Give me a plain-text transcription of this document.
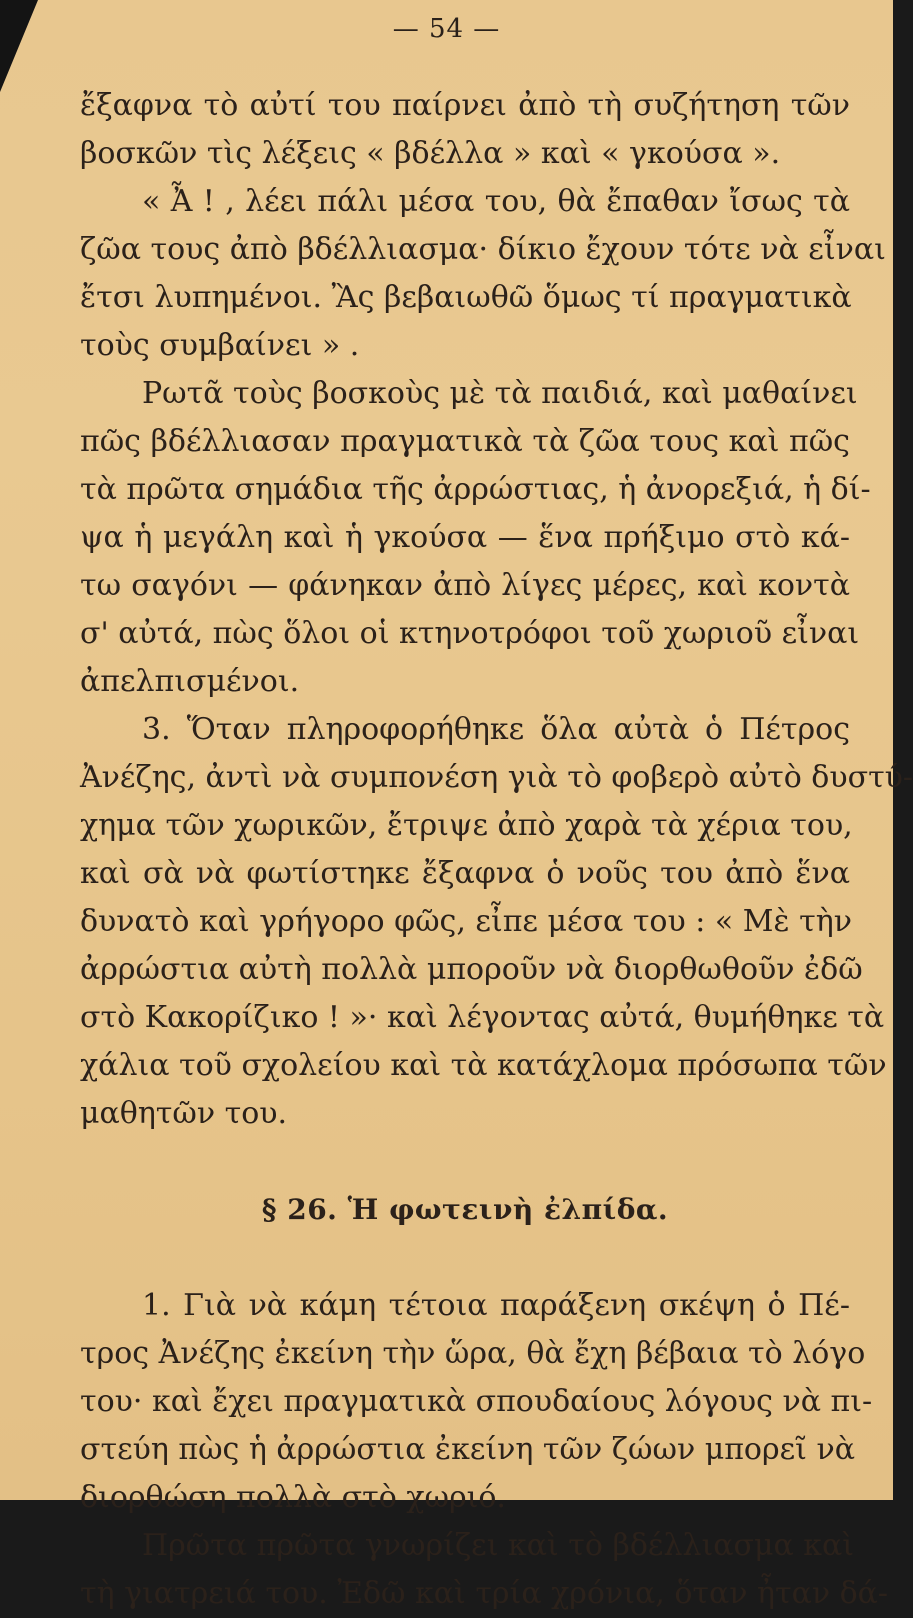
— 54 —
ἔξαφνα τὸ αὐτί του παίρνει ἀπὸ τὴ συζήτηση τῶν
βοσκῶν τὶς λέξεις « βδέλλα » καὶ « γκούσα ».
« Ἆ ! , λέει πάλι μέσα του, θὰ ἔπαθαν ἴσως τὰ
ζῶα τους ἀπὸ βδέλλιασμα· δίκιο ἔχουν τότε νὰ εἶναι
ἔτσι λυπημένοι. Ἂς βεβαιωθῶ ὅμως τί πραγματικὰ
τοὺς συμβαίνει » .
Ρωτᾶ τοὺς βοσκοὺς μὲ τὰ παιδιά, καὶ μαθαίνει
πῶς βδέλλιασαν πραγματικὰ τὰ ζῶα τους καὶ πῶς
τὰ πρῶτα σημάδια τῆς ἀρρώστιας, ἡ ἀνορεξιά, ἡ δί-
ψα ἡ μεγάλη καὶ ἡ γκούσα — ἕνα πρήξιμο στὸ κά-
τω σαγόνι — φάνηκαν ἀπὸ λίγες μέρες, καὶ κοντὰ
σ' αὐτά, πὼς ὅλοι οἱ κτηνοτρόφοι τοῦ χωριοῦ εἶναι
ἀπελπισμένοι.
3. Ὅταν πληροφορήθηκε ὅλα αὐτὰ ὁ Πέτρος
Ἀνέζης, ἀντὶ νὰ συμπονέση γιὰ τὸ φοβερὸ αὐτὸ δυστύ-
χημα τῶν χωρικῶν, ἔτριψε ἀπὸ χαρὰ τὰ χέρια του,
καὶ σὰ νὰ φωτίστηκε ἔξαφνα ὁ νοῦς του ἀπὸ ἕνα
δυνατὸ καὶ γρήγορο φῶς, εἶπε μέσα του : « Μὲ τὴν
ἀρρώστια αὐτὴ πολλὰ μποροῦν νὰ διορθωθοῦν ἐδῶ
στὸ Κακορίζικο ! »· καὶ λέγοντας αὐτά, θυμήθηκε τὰ
χάλια τοῦ σχολείου καὶ τὰ κατάχλομα πρόσωπα τῶν
μαθητῶν του.
§ 26. Ἡ φωτεινὴ ἐλπίδα.
1. Γιὰ νὰ κάμη τέτοια παράξενη σκέψη ὁ Πέ-
τρος Ἀνέζης ἐκείνη τὴν ὥρα, θὰ ἔχη βέβαια τὸ λόγο
του· καὶ ἔχει πραγματικὰ σπουδαίους λόγους νὰ πι-
στεύη πὼς ἡ ἀρρώστια ἐκείνη τῶν ζώων μπορεῖ νὰ
διορθώση πολλὰ στὸ χωριό.
Πρῶτα πρῶτα γνωρίζει καὶ τὸ βδέλλιασμα καὶ
τὴ γιατρειά του. Ἐδῶ καὶ τρία χρόνια, ὅταν ἦταν δά-
